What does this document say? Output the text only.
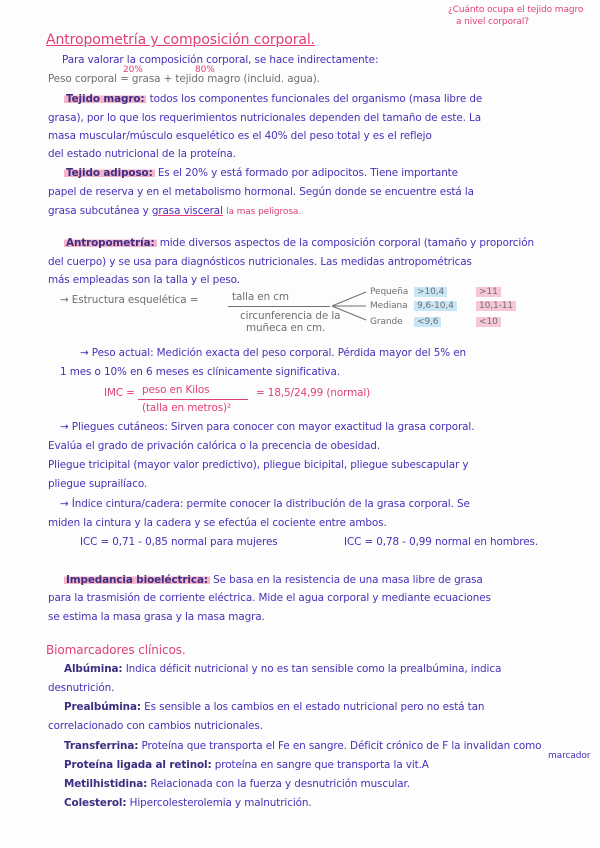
¿Cuánto ocupa el tejido magro
a nivel corporal?
Antropometría y composición corporal.
Para valorar la composición corporal, se hace indirectamente:
20%	80%
Peso corporal = grasa + tejido magro (incluid. agua).
Tejido magro: todos los componentes funcionales del organismo (masa libre de
grasa), por lo que los requerimientos nutricionales dependen del tamaño de este. La
masa muscular/músculo esquelético es el 40% del peso total y es el reflejo
del estado nutricional de la proteína.
Tejido adiposo: Es el 20% y está formado por adipocitos. Tiene importante
papel de reserva y en el metabolismo hormonal. Según donde se encuentre está la
grasa subcutánea y grasa visceral la mas peligrosa.
Antropometría: mide diversos aspectos de la composición corporal (tamaño y proporción
del cuerpo) y se usa para diagnósticos nutricionales. Las medidas antropométricas
más empleadas son la talla y el peso.
→ Estructura esquelética =	talla en cm
circunferencia de la
muñeca en cm.
Pequeña >10,4	>11
Mediana	9,6-10,4	10,1-11
Grande	<9,6	<10
→ Peso actual: Medición exacta del peso corporal. Pérdida mayor del 5% en
1 mes o 10% en 6 meses es clínicamente significativa.
IMC = peso en Kilos
(talla en metros)²
= 18,5/24,99 (normal)
→ Pliegues cutáneos: Sirven para conocer con mayor exactitud la grasa corporal.
Evalúa el grado de privación calórica o la precencia de obesidad.
Pliegue tricipital (mayor valor predictivo), pliegue bicipital, pliegue subescapular y
pliegue suprailíaco.
→ Índice cintura/cadera: permite conocer la distribución de la grasa corporal. Se
miden la cintura y la cadera y se efectúa el cociente entre ambos.
ICC = 0,71 - 0,85 normal para mujeres	ICC = 0,78 - 0,99 normal en hombres.
Impedancia bioeléctrica: Se basa en la resistencia de una masa libre de grasa
para la trasmisión de corriente eléctrica. Mide el agua corporal y mediante ecuaciones
se estima la masa grasa y la masa magra.
Biomarcadores clínicos.
Albúmina: Indica déficit nutricional y no es tan sensible como la prealbúmina, indica
desnutrición.
Prealbúmina: Es sensible a los cambios en el estado nutricional pero no está tan
correlacionado con cambios nutricionales.
Transferrina: Proteína que transporta el Fe en sangre. Déficit crónico de F la invalidan como
marcador
Proteína ligada al retinol: proteína en sangre que transporta la vit.A
Metilhistidina: Relacionada con la fuerza y desnutrición muscular.
Colesterol: Hipercolesterolemia y malnutrición.
